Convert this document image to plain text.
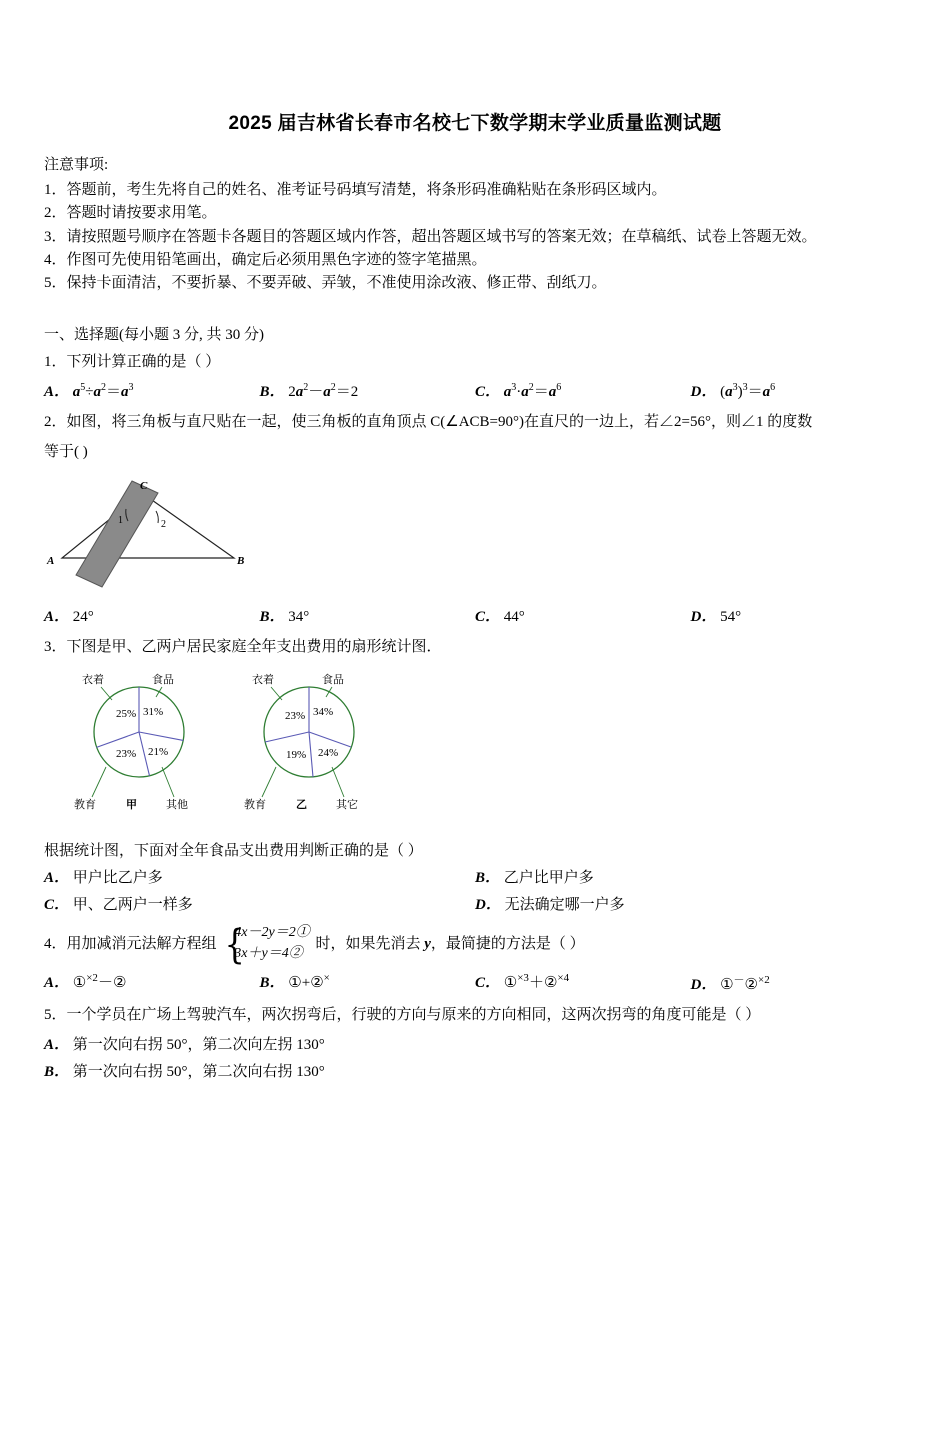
2025 届吉林省长春市名校七下数学期末学业质量监测试题
注意事项:

1．答题前，考生先将自己的姓名、准考证号码填写清楚，将条形码准确粘贴在条形码区域内。

2．答题时请按要求用笔。

3．请按照题号顺序在答题卡各题目的答题区域内作答，超出答题区域书写的答案无效；在草稿纸、试卷上答题无效。

4．作图可先使用铅笔画出，确定后必须用黑色字迹的签字笔描黑。

5．保持卡面清洁，不要折暴、不要弄破、弄皱，不准使用涂改液、修正带、刮纸刀。

一、选择题(每小题 3 分, 共 30 分)
1．下列计算正确的是（ ）
A． $a^5\div a^2=a^3$	B． $2a^2-a^2=2$	C． $a^3\cdot a^2=a^6$	D． $(a^3)^3=a^6$
2．如图，将三角板与直尺贴在一起，使三角板的直角顶点 C(∠ACB=90°)在直尺的一边上，若∠2=56°，则∠1 的度数
等于( )
C
1	2
A	B
A． 24°	B． 34°	C． 44°	D． 54°
3．下图是甲、乙两户居民家庭全年支出费用的扇形统计图．
31%
25%
23% 21%
衣着	食品
教育	其他
甲
34%
23%
19% 24%
衣着	食品
教育	其它
乙
根据统计图，下面对全年食品支出费用判断正确的是（ ）
A． 甲户比乙户多	B． 乙户比甲户多
C． 甲、乙两户一样多	D． 无法确定哪一户多
4．用加减消元法解方程组 {
4x－2y＝2①
3x＋y＝4②
时，如果先消去 y，最简捷的方法是（ ）
A． ①$^{\times 2}$－②	B． ①+②×	C． ①$^{\times 3}$＋②$^{\times 4}$	D． ①－②$^{\times 2}$
5．一个学员在广场上驾驶汽车，两次拐弯后，行驶的方向与原来的方向相同，这两次拐弯的角度可能是（ ）
A． 第一次向右拐 50°，第二次向左拐 130°
B． 第一次向右拐 50°，第二次向右拐 130°
